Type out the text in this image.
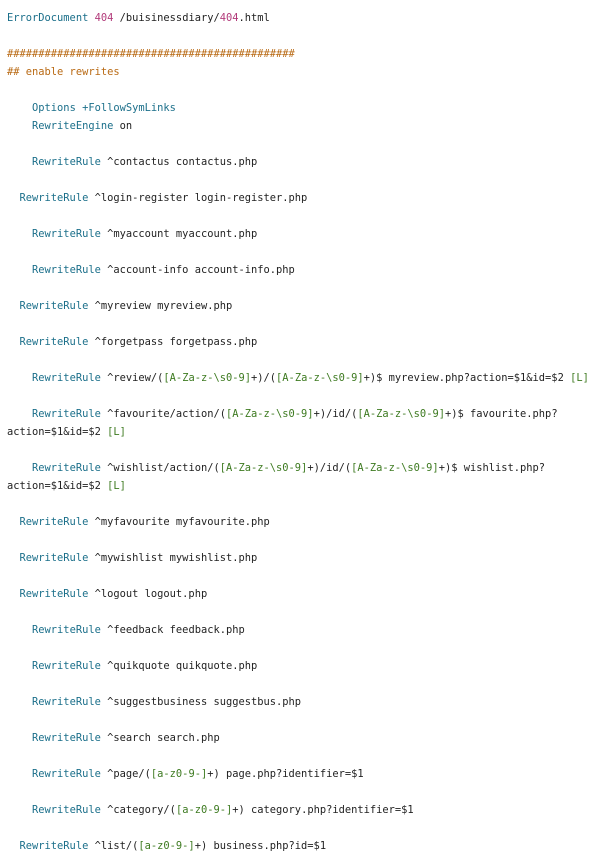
ErrorDocument 404 /buisinessdiary/404.html

##############################################
## enable rewrites

Options +FollowSymLinks
RewriteEngine on

RewriteRule ^contactus contactus.php

RewriteRule ^login-register login-register.php

RewriteRule ^myaccount myaccount.php

RewriteRule ^account-info account-info.php

RewriteRule ^myreview myreview.php

RewriteRule ^forgetpass forgetpass.php

RewriteRule ^review/([A-Za-z-\s0-9]+)/([A-Za-z-\s0-9]+)$ myreview.php?action=$1&id=$2 [L]

RewriteRule ^favourite/action/([A-Za-z-\s0-9]+)/id/([A-Za-z-\s0-9]+)$ favourite.php?
action=$1&id=$2 [L]

RewriteRule ^wishlist/action/([A-Za-z-\s0-9]+)/id/([A-Za-z-\s0-9]+)$ wishlist.php?
action=$1&id=$2 [L]

RewriteRule ^myfavourite myfavourite.php

RewriteRule ^mywishlist mywishlist.php

RewriteRule ^logout logout.php

RewriteRule ^feedback feedback.php

RewriteRule ^quikquote quikquote.php

RewriteRule ^suggestbusiness suggestbus.php

RewriteRule ^search search.php

RewriteRule ^page/([a-z0-9-]+) page.php?identifier=$1

RewriteRule ^category/([a-z0-9-]+) category.php?identifier=$1

RewriteRule ^list/([a-z0-9-]+) business.php?id=$1
